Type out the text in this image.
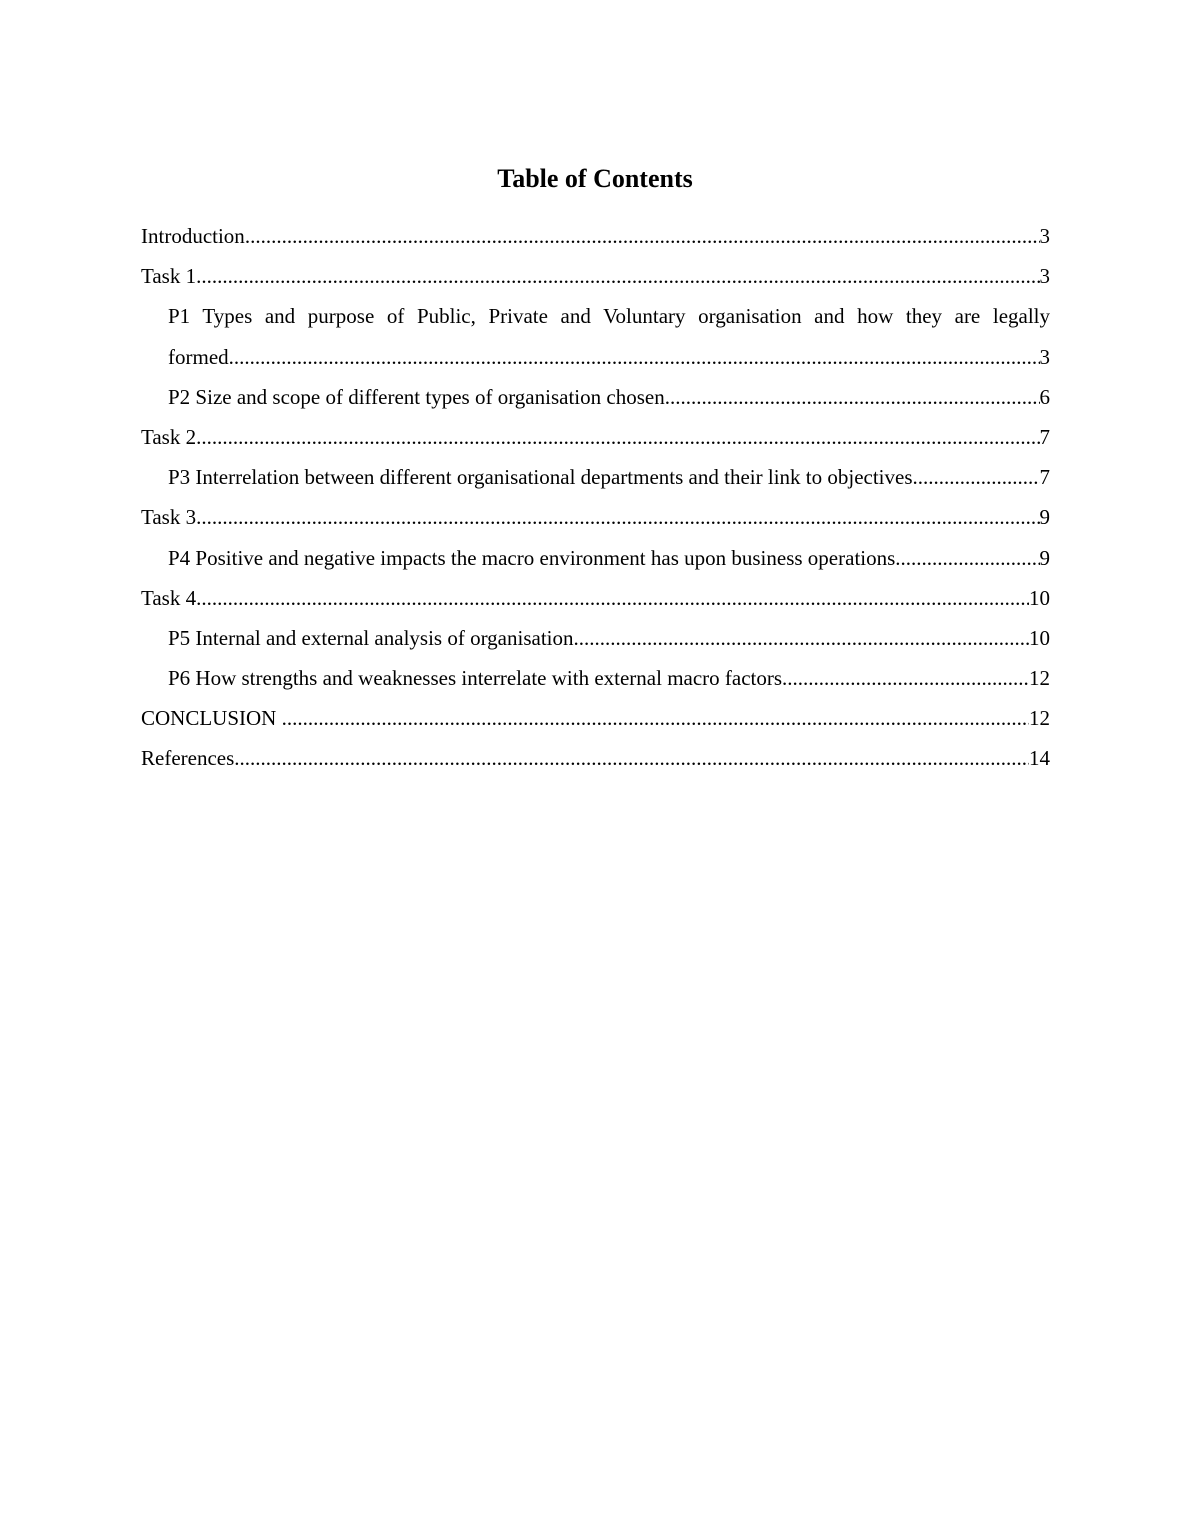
Table of Contents
Introduction .....	3
Task 1 .....	3
P1 Types and purpose of Public, Private and Voluntary organisation and how they are legally
formed .....	3
P2 Size and scope of different types of organisation chosen .....	6
Task 2 .....	7
P3 Interrelation between different organisational departments and their link to objectives .....	7
Task 3 .....	9
P4 Positive and negative impacts the macro environment has upon business operations .....	9
Task 4 .....	10
P5 Internal and external analysis of organisation .....	10
P6 How strengths and weaknesses interrelate with external macro factors .....	12
CONCLUSION .....	12
References .....	14
